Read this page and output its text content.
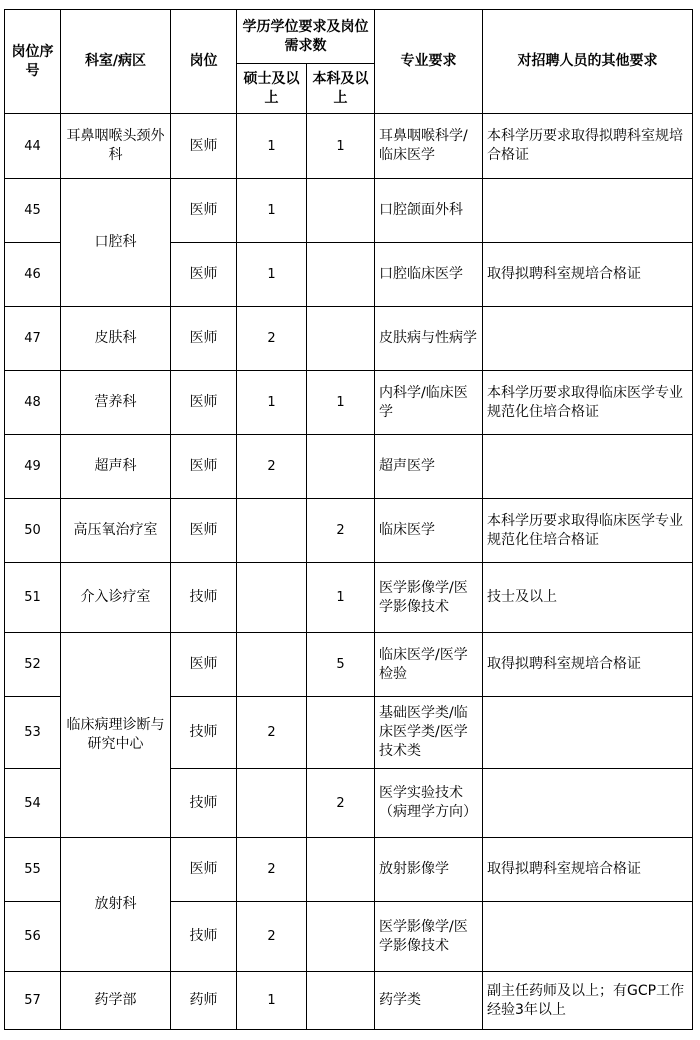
岗位序号	科室/病区	岗位	学历学位要求及岗位需求数		专业要求	对招聘人员的其他要求
			硕士及以上	本科及以上		
44	耳鼻咽喉头颈外科	医师	1	1	耳鼻咽喉科学/临床医学	本科学历要求取得拟聘科室规培合格证
45	口腔科	医师	1		口腔颌面外科	
46		医师	1		口腔临床医学	取得拟聘科室规培合格证
47	皮肤科	医师	2		皮肤病与性病学	
48	营养科	医师	1	1	内科学/临床医学	本科学历要求取得临床医学专业规范化住培合格证
49	超声科	医师	2		超声医学	
50	高压氧治疗室	医师		2	临床医学	本科学历要求取得临床医学专业规范化住培合格证
51	介入诊疗室	技师		1	医学影像学/医学影像技术	技士及以上
52	临床病理诊断与研究中心	医师		5	临床医学/医学检验	取得拟聘科室规培合格证
53		技师	2		基础医学类/临床医学类/医学技术类	
54		技师		2	医学实验技术（病理学方向）	
55	放射科	医师	2		放射影像学	取得拟聘科室规培合格证
56		技师	2		医学影像学/医学影像技术	
57	药学部	药师	1		药学类	副主任药师及以上；有GCP工作经验3年以上
